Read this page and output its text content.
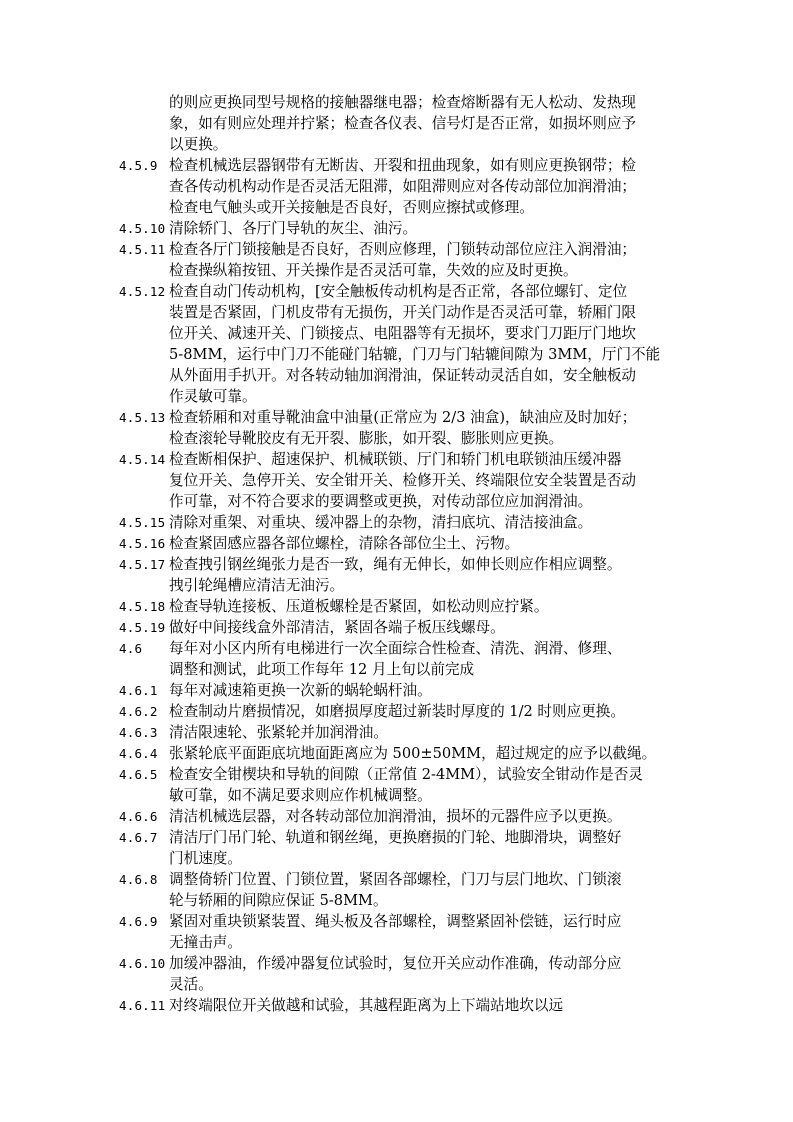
的则应更换同型号规格的接触器继电器；检查熔断器有无人松动、发热现
象，如有则应处理并拧紧；检查各仪表、信号灯是否正常，如损坏则应予
以更换。
4.5.9 检查机械选层器钢带有无断齿、开裂和扭曲现象，如有则应更换钢带；检
查各传动机构动作是否灵活无阻滞，如阻滞则应对各传动部位加润滑油；
检查电气触头或开关接触是否良好，否则应擦拭或修理。
4.5.10 清除轿门、各厅门导轨的灰尘、油污。
4.5.11 检查各厅门锁接触是否良好，否则应修理，门锁转动部位应注入润滑油；
检查操纵箱按钮、开关操作是否灵活可靠，失效的应及时更换。
4.5.12 检查自动门传动机构，[安全触板传动机构是否正常，各部位螺钉、定位
装置是否紧固，门机皮带有无损伤，开关门动作是否灵活可靠，轿厢门限
位开关、减速开关、门锁接点、电阻器等有无损坏，要求门刀距厅门地坎
5-8MM，运行中门刀不能碰门轱辘，门刀与门轱辘间隙为 3MM，厅门不能
从外面用手扒开。对各转动轴加润滑油，保证转动灵活自如，安全触板动
作灵敏可靠。
4.5.13 检查轿厢和对重导靴油盒中油量(正常应为 2/3 油盒)，缺油应及时加好；
检查滚轮导靴胶皮有无开裂、膨胀，如开裂、膨胀则应更换。
4.5.14 检查断相保护、超速保护、机械联锁、厅门和轿门机电联锁油压缓冲器
复位开关、急停开关、安全钳开关、检修开关、终端限位安全装置是否动
作可靠，对不符合要求的要调整或更换，对传动部位应加润滑油。
4.5.15 清除对重架、对重块、缓冲器上的杂物，清扫底坑、清洁接油盒。
4.5.16 检查紧固感应器各部位螺栓，清除各部位尘土、污物。
4.5.17 检查拽引钢丝绳张力是否一致，绳有无伸长，如伸长则应作相应调整。
拽引轮绳槽应清洁无油污。
4.5.18 检查导轨连接板、压道板螺栓是否紧固，如松动则应拧紧。
4.5.19 做好中间接线盒外部清洁，紧固各端子板压线螺母。
4.6 每年对小区内所有电梯进行一次全面综合性检查、清洗、润滑、修理、
调整和测试，此项工作每年 12 月上旬以前完成
4.6.1 每年对减速箱更换一次新的蜗轮蜗杆油。
4.6.2 检查制动片磨损情况，如磨损厚度超过新装时厚度的 1/2 时则应更换。
4.6.3 清洁限速轮、张紧轮并加润滑油。
4.6.4 张紧轮底平面距底坑地面距离应为 500±50MM，超过规定的应予以截绳。
4.6.5 检查安全钳楔块和导轨的间隙（正常值 2-4MM），试验安全钳动作是否灵
敏可靠，如不满足要求则应作机械调整。
4.6.6 清洁机械选层器，对各转动部位加润滑油，损坏的元器件应予以更换。
4.6.7 清洁厅门吊门轮、轨道和钢丝绳，更换磨损的门轮、地脚滑块，调整好
门机速度。
4.6.8 调整倚轿门位置、门锁位置，紧固各部螺栓，门刀与层门地坎、门锁滚
轮与轿厢的间隙应保证 5-8MM。
4.6.9 紧固对重块锁紧装置、绳头板及各部螺栓，调整紧固补偿链，运行时应
无撞击声。
4.6.10 加缓冲器油，作缓冲器复位试验时，复位开关应动作准确，传动部分应
灵活。
4.6.11 对终端限位开关做越和试验，其越程距离为上下端站地坎以远
